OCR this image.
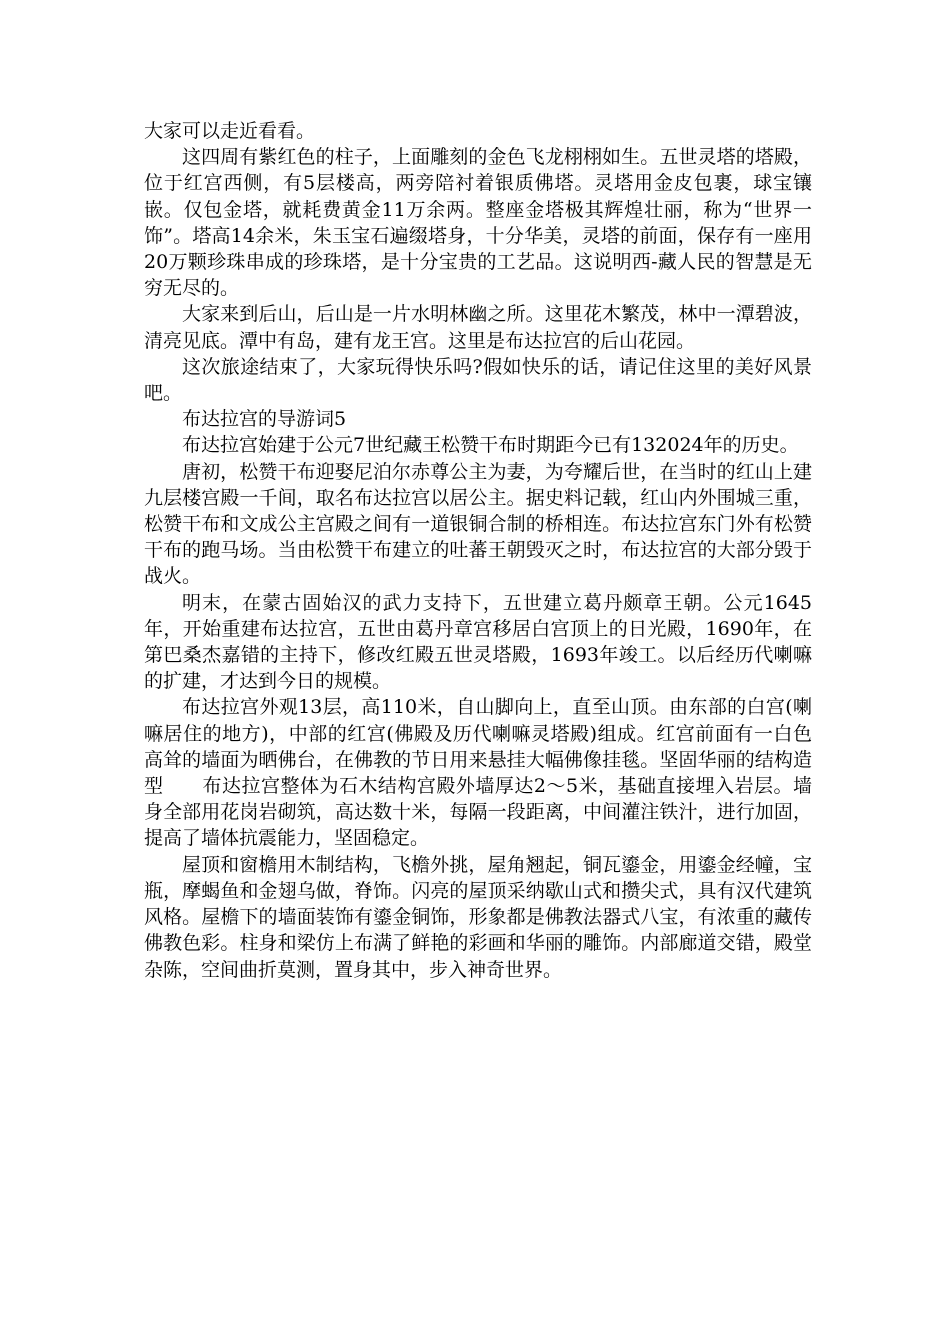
大家可以走近看看。

这四周有紫红色的柱子，上面雕刻的金色飞龙栩栩如生。五世灵塔的塔殿，位于红宫西侧，有5层楼高，两旁陪衬着银质佛塔。灵塔用金皮包裹，球宝镶嵌。仅包金塔，就耗费黄金11万余两。整座金塔极其辉煌壮丽，称为“世界一饰”。塔高14余米，朱玉宝石遍缀塔身，十分华美，灵塔的前面，保存有一座用20万颗珍珠串成的珍珠塔，是十分宝贵的工艺品。这说明西-藏人民的智慧是无穷无尽的。

大家来到后山，后山是一片水明林幽之所。这里花木繁茂，林中一潭碧波，清亮见底。潭中有岛，建有龙王宫。这里是布达拉宫的后山花园。

这次旅途结束了，大家玩得快乐吗?假如快乐的话，请记住这里的美好风景吧。

布达拉宫的导游词5

布达拉宫始建于公元7世纪藏王松赞干布时期距今已有132024年的历史。

唐初，松赞干布迎娶尼泊尔赤尊公主为妻，为夸耀后世，在当时的红山上建九层楼宫殿一千间，取名布达拉宫以居公主。据史料记载，红山内外围城三重，松赞干布和文成公主宫殿之间有一道银铜合制的桥相连。布达拉宫东门外有松赞干布的跑马场。当由松赞干布建立的吐蕃王朝毁灭之时，布达拉宫的大部分毁于战火。

明末，在蒙古固始汉的武力支持下，五世建立葛丹颇章王朝。公元1645年，开始重建布达拉宫，五世由葛丹章宫移居白宫顶上的日光殿，1690年，在第巴桑杰嘉错的主持下，修改红殿五世灵塔殿，1693年竣工。以后经历代喇嘛的扩建，才达到今日的规模。

布达拉宫外观13层，高110米，自山脚向上，直至山顶。由东部的白宫(喇嘛居住的地方)，中部的红宫(佛殿及历代喇嘛灵塔殿)组成。红宫前面有一白色高耸的墙面为晒佛台，在佛教的节日用来悬挂大幅佛像挂毯。坚固华丽的结构造型　　布达拉宫整体为石木结构宫殿外墙厚达2～5米，基础直接埋入岩层。墙身全部用花岗岩砌筑，高达数十米，每隔一段距离，中间灌注铁汁，进行加固，提高了墙体抗震能力，坚固稳定。

屋顶和窗檐用木制结构，飞檐外挑，屋角翘起，铜瓦鎏金，用鎏金经幢，宝瓶，摩蝎鱼和金翅乌做，脊饰。闪亮的屋顶采纳歇山式和攒尖式，具有汉代建筑风格。屋檐下的墙面装饰有鎏金铜饰，形象都是佛教法器式八宝，有浓重的藏传佛教色彩。柱身和梁仿上布满了鲜艳的彩画和华丽的雕饰。内部廊道交错，殿堂杂陈，空间曲折莫测，置身其中，步入神奇世界。
